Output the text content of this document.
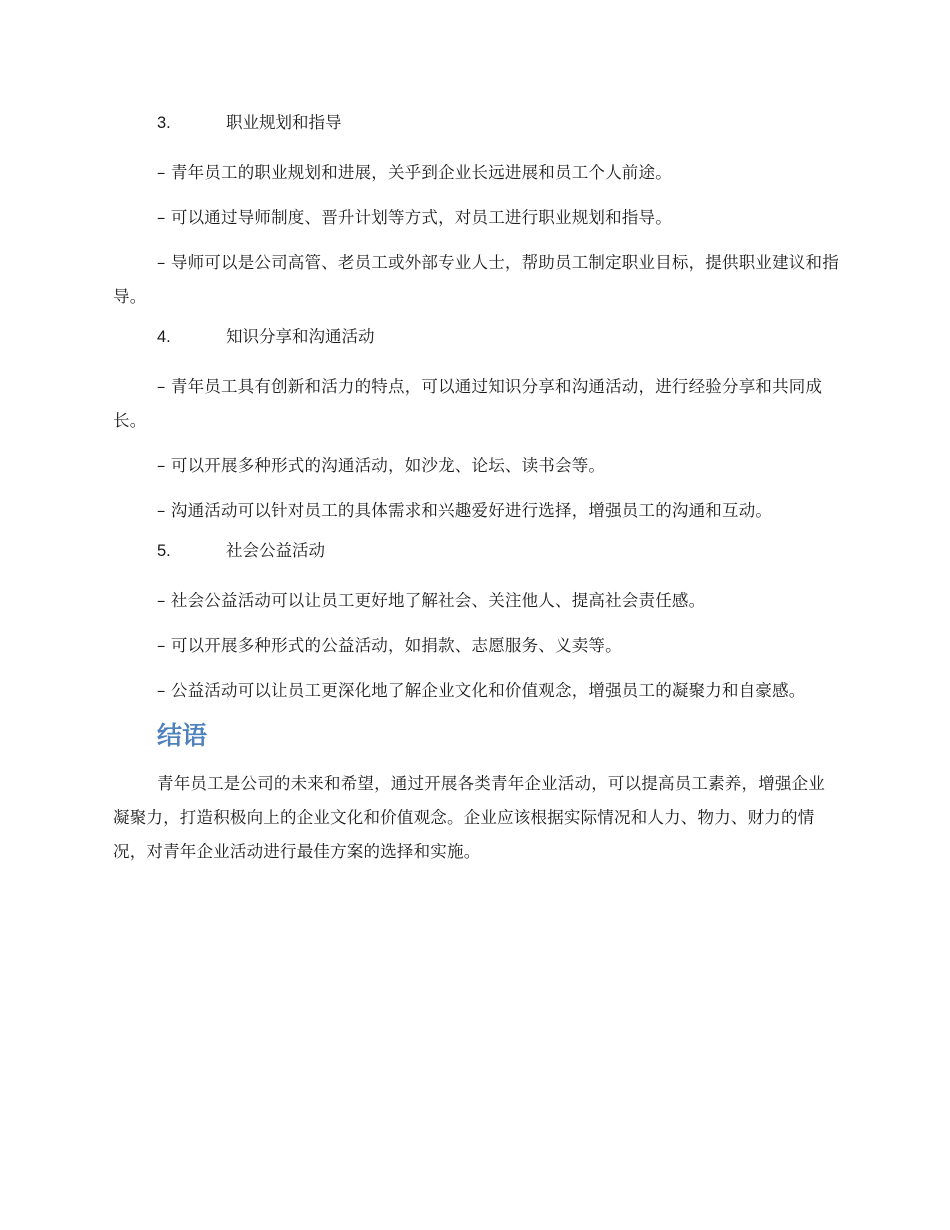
3.	职业规划和指导

– 青年员工的职业规划和进展，关乎到企业长远进展和员工个人前途。

– 可以通过导师制度、晋升计划等方式，对员工进行职业规划和指导。

– 导师可以是公司高管、老员工或外部专业人士，帮助员工制定职业目标，提供职业建议和指导。

4.	知识分享和沟通活动

– 青年员工具有创新和活力的特点，可以通过知识分享和沟通活动，进行经验分享和共同成长。

– 可以开展多种形式的沟通活动，如沙龙、论坛、读书会等。

– 沟通活动可以针对员工的具体需求和兴趣爱好进行选择，增强员工的沟通和互动。

5.	社会公益活动

– 社会公益活动可以让员工更好地了解社会、关注他人、提高社会责任感。

– 可以开展多种形式的公益活动，如捐款、志愿服务、义卖等。

– 公益活动可以让员工更深化地了解企业文化和价值观念，增强员工的凝聚力和自豪感。

结语

青年员工是公司的未来和希望，通过开展各类青年企业活动，可以提高员工素养，增强企业凝聚力，打造积极向上的企业文化和价值观念。企业应该根据实际情况和人力、物力、财力的情况，对青年企业活动进行最佳方案的选择和实施。
